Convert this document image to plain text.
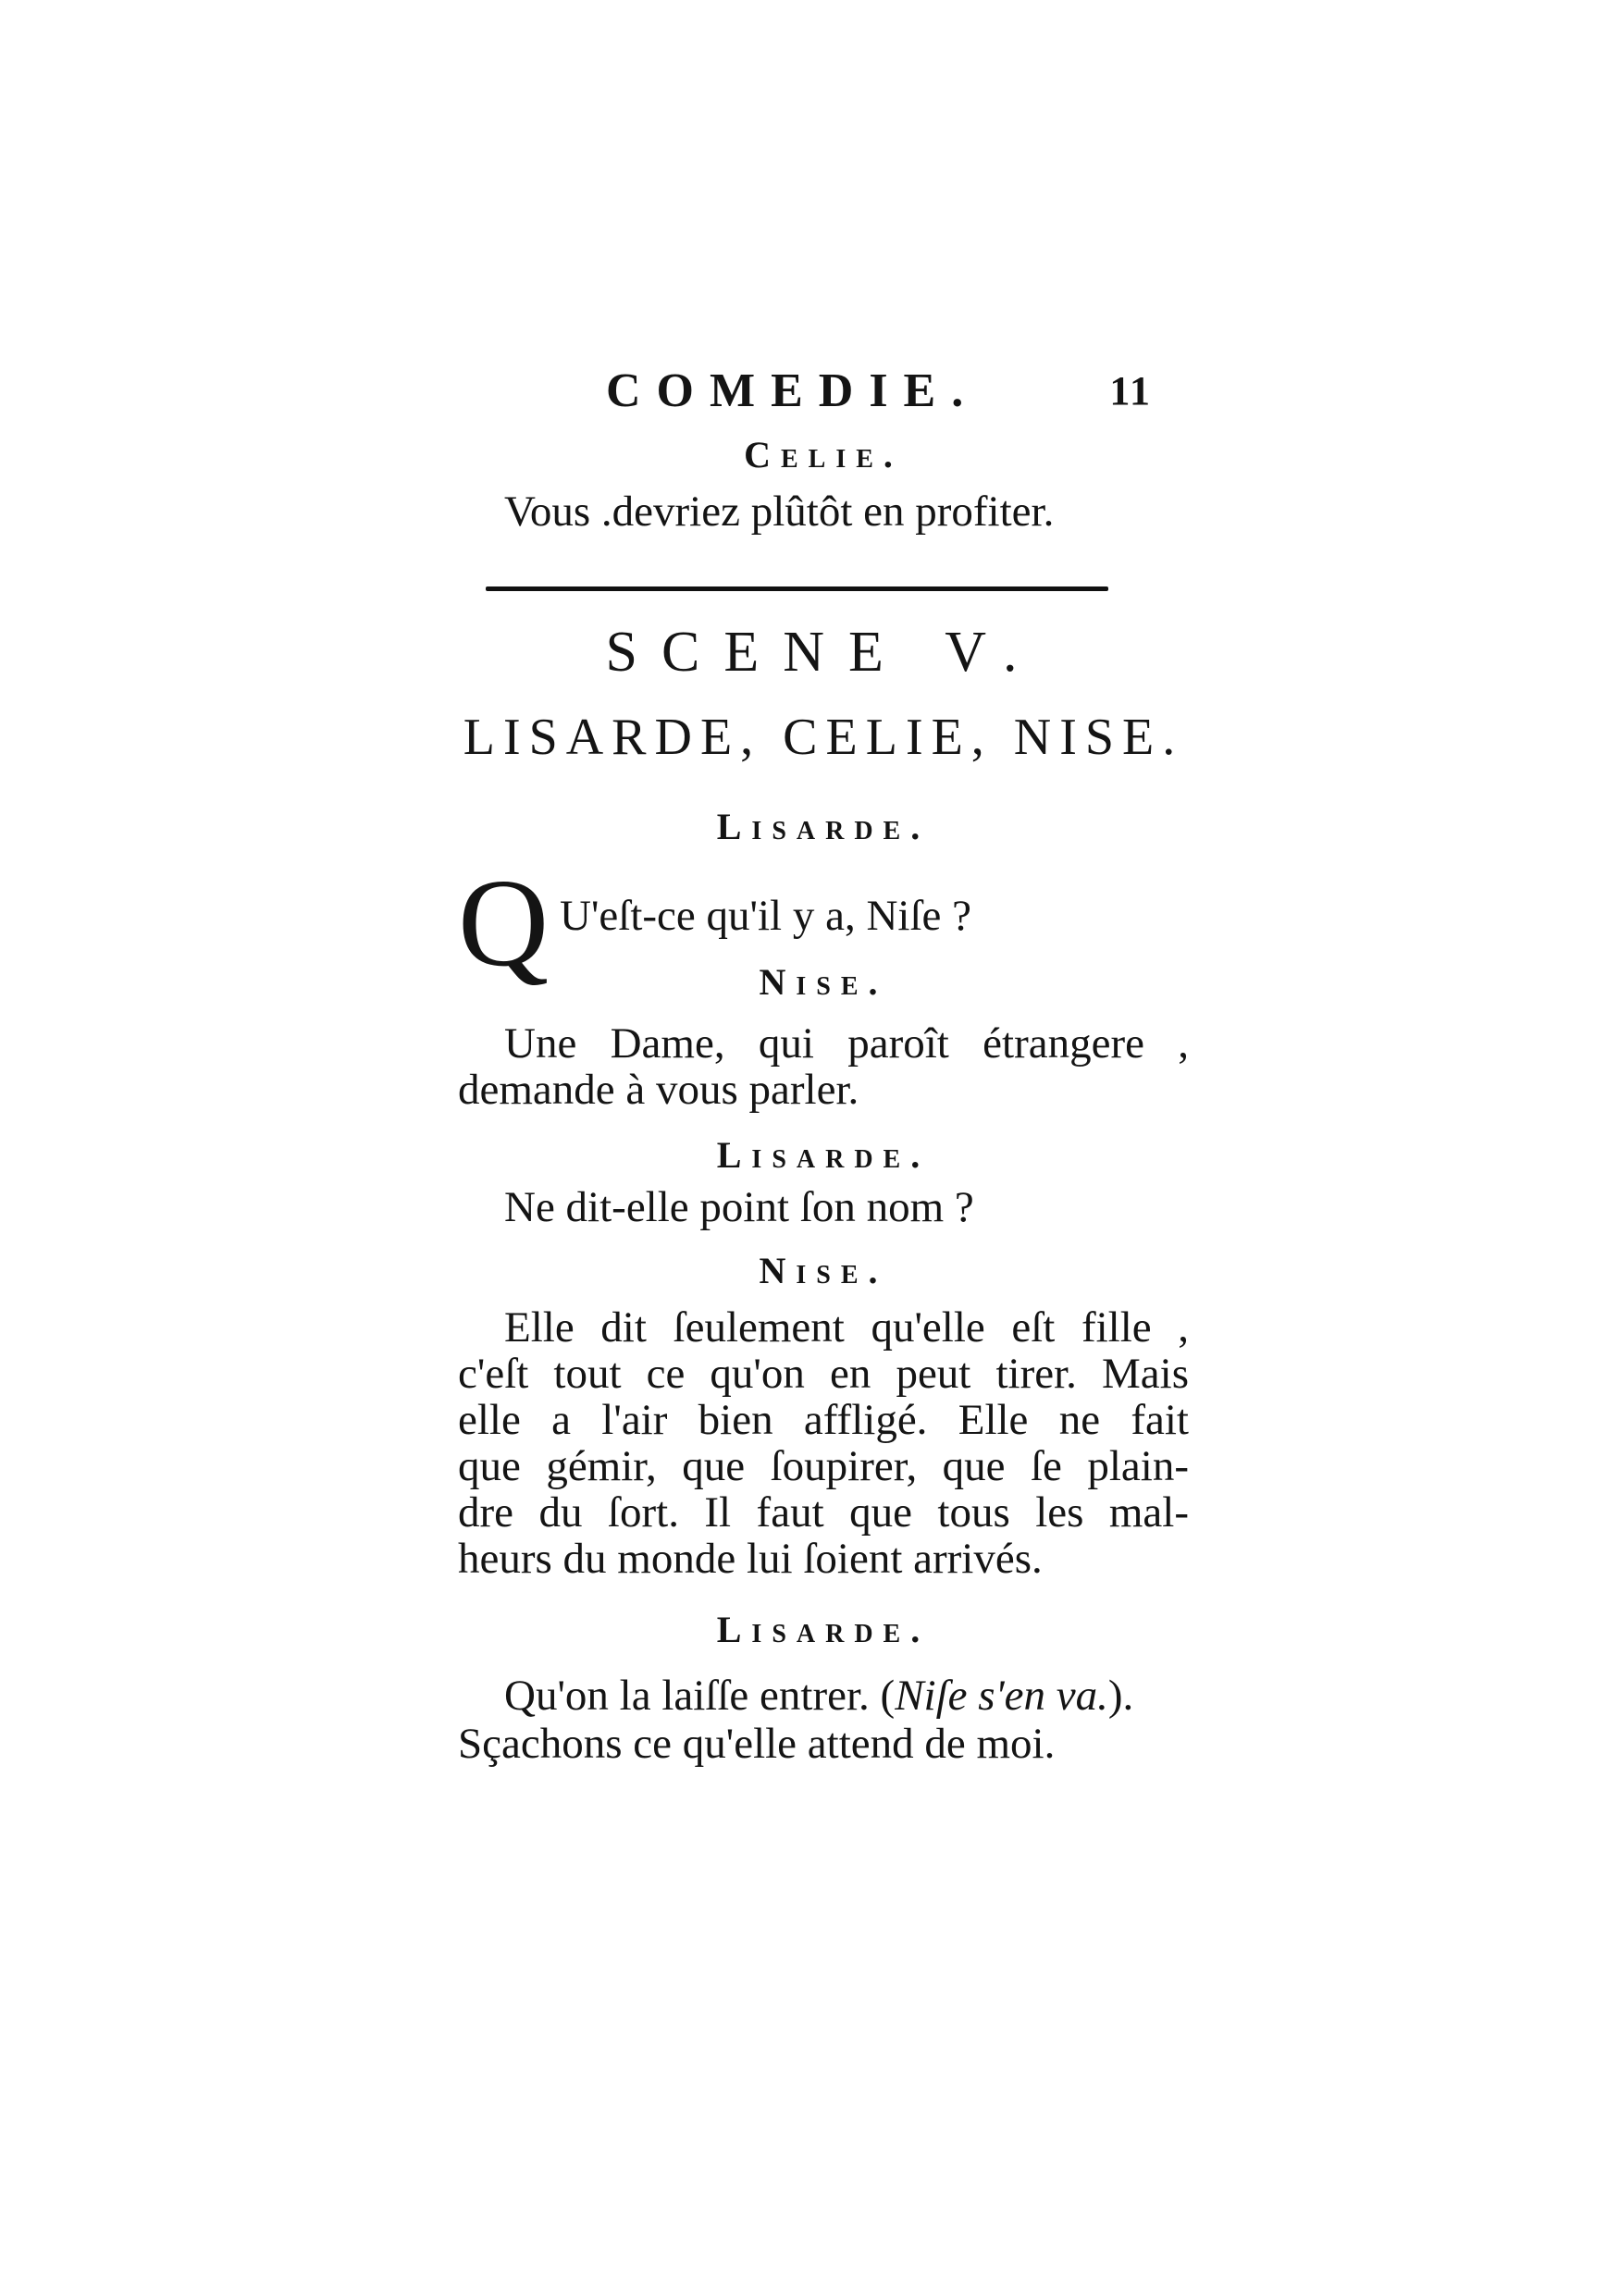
COMEDIE.	11
Celie.
Vous .devriez plûtôt en profiter.
SCENE V.
LISARDE, CELIE, NISE.
Lisarde.
Q U'eſt-ce qu'il y a, Niſe ?
Nise.
Une Dame, qui paroît étrangere ,
demande à vous parler.
Lisarde.
Ne dit-elle point ſon nom ?
Nise.
Elle dit ſeulement qu'elle eſt fille ,
c'eſt tout ce qu'on en peut tirer. Mais
elle a l'air bien affligé. Elle ne fait
que gémir, que ſoupirer, que ſe plain-
dre du ſort. Il faut que tous les mal-
heurs du monde lui ſoient arrivés.
Lisarde.
Qu'on la laiſſe entrer. (Niſe s'en va.).
Sçachons ce qu'elle attend de moi.
